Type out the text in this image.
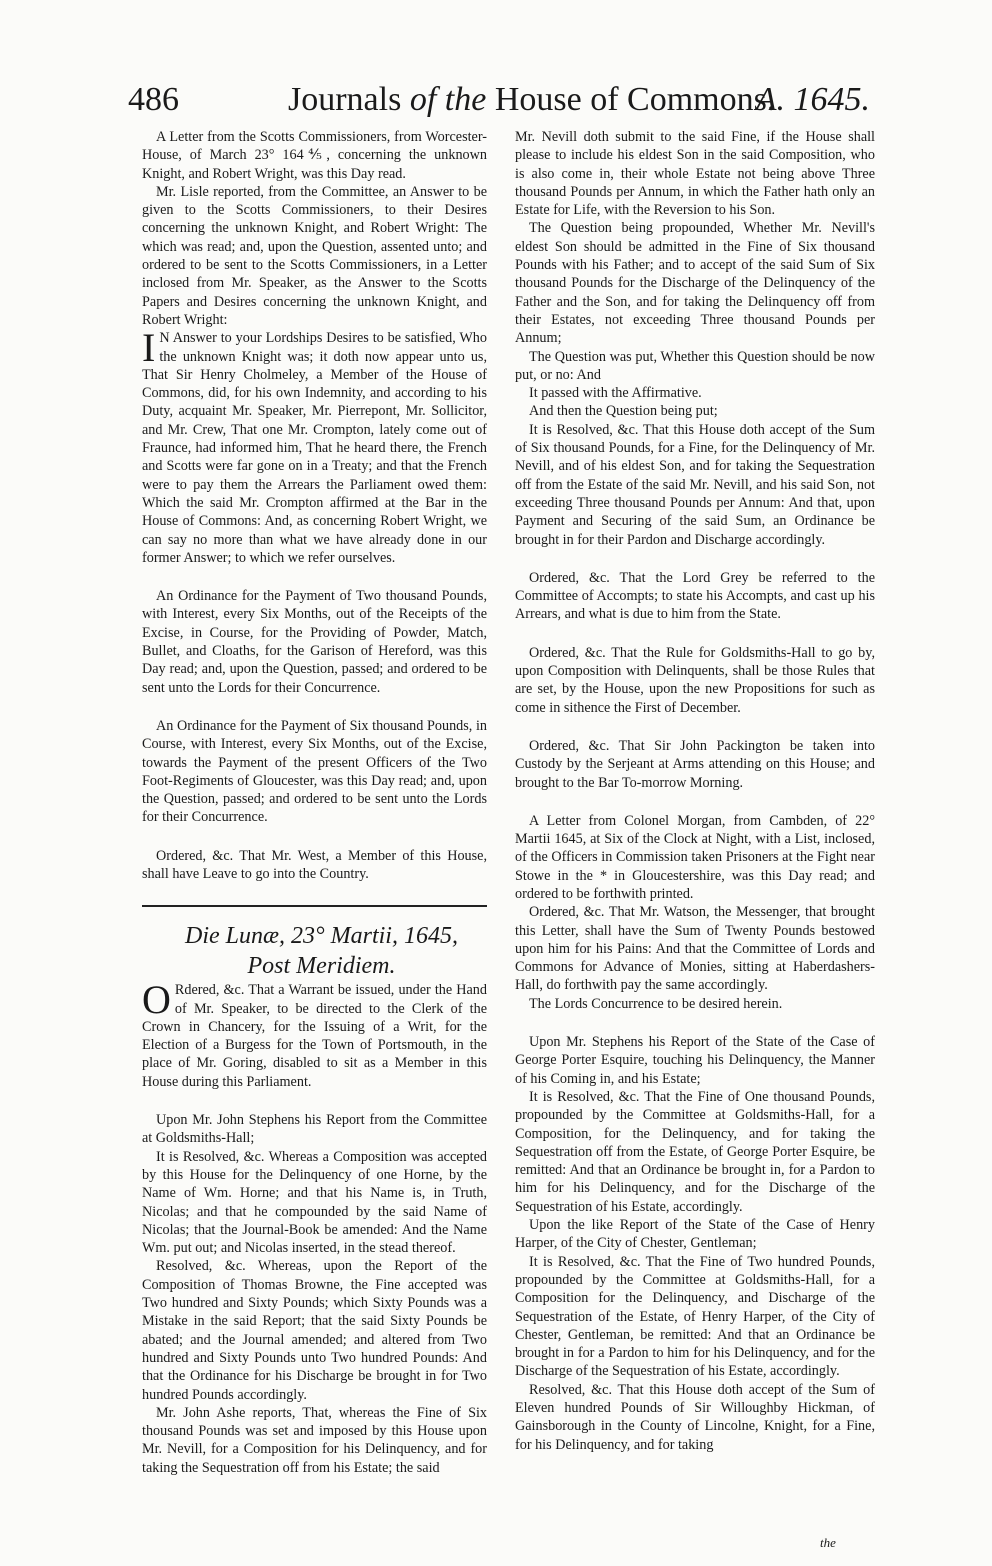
486	Journals of the House of Commons.
A. 1645.

A Letter from the Scotts Commissioners, from Worcester-House, of March 23° 164⅘, concerning the unknown Knight, and Robert Wright, was this Day read.

Mr. Lisle reported, from the Committee, an Answer to be given to the Scotts Commissioners, to their Desires concerning the unknown Knight, and Robert Wright: The which was read; and, upon the Question, assented unto; and ordered to be sent to the Scotts Commissioners, in a Letter inclosed from Mr. Speaker, as the Answer to the Scotts Papers and Desires concerning the unknown Knight, and Robert Wright:

I N Answer to your Lordships Desires to be satisfied, Who the unknown Knight was; it doth now appear unto us, That Sir Henry Cholmeley, a Member of the House of Commons, did, for his own Indemnity, and according to his Duty, acquaint Mr. Speaker, Mr. Pierrepont, Mr. Sollicitor, and Mr. Crew, That one Mr. Crompton, lately come out of Fraunce, had informed him, That he heard there, the French and Scotts were far gone on in a Treaty; and that the French were to pay them the Arrears the Parliament owed them: Which the said Mr. Crompton affirmed at the Bar in the House of Commons: And, as concerning Robert Wright, we can say no more than what we have already done in our former Answer; to which we refer ourselves.

An Ordinance for the Payment of Two thousand Pounds, with Interest, every Six Months, out of the Receipts of the Excise, in Course, for the Providing of Powder, Match, Bullet, and Cloaths, for the Garison of Hereford, was this Day read; and, upon the Question, passed; and ordered to be sent unto the Lords for their Concurrence.

An Ordinance for the Payment of Six thousand Pounds, in Course, with Interest, every Six Months, out of the Excise, towards the Payment of the present Officers of the Two Foot-Regiments of Gloucester, was this Day read; and, upon the Question, passed; and ordered to be sent unto the Lords for their Concurrence.

Ordered, &c. That Mr. West, a Member of this House, shall have Leave to go into the Country.

Die Lunæ, 23° Martii, 1645,

Post Meridiem.

O Rdered, &c. That a Warrant be issued, under the Hand of Mr. Speaker, to be directed to the Clerk of the Crown in Chancery, for the Issuing of a Writ, for the Election of a Burgess for the Town of Portsmouth, in the place of Mr. Goring, disabled to sit as a Member in this House during this Parliament.

Upon Mr. John Stephens his Report from the Committee at Goldsmiths-Hall;

It is Resolved, &c. Whereas a Composition was accepted by this House for the Delinquency of one Horne, by the Name of Wm. Horne; and that his Name is, in Truth, Nicolas; and that he compounded by the said Name of Nicolas; that the Journal-Book be amended: And the Name Wm. put out; and Nicolas inserted, in the stead thereof.

Resolved, &c. Whereas, upon the Report of the Composition of Thomas Browne, the Fine accepted was Two hundred and Sixty Pounds; which Sixty Pounds was a Mistake in the said Report; that the said Sixty Pounds be abated; and the Journal amended; and altered from Two hundred and Sixty Pounds unto Two hundred Pounds: And that the Ordinance for his Discharge be brought in for Two hundred Pounds accordingly.

Mr. John Ashe reports, That, whereas the Fine of Six thousand Pounds was set and imposed by this House upon Mr. Nevill, for a Composition for his Delinquency, and for taking the Sequestration off from his Estate; the said

Mr. Nevill doth submit to the said Fine, if the House shall please to include his eldest Son in the said Composition, who is also come in, their whole Estate not being above Three thousand Pounds per Annum, in which the Father hath only an Estate for Life, with the Reversion to his Son.

The Question being propounded, Whether Mr. Nevill's eldest Son should be admitted in the Fine of Six thousand Pounds with his Father; and to accept of the said Sum of Six thousand Pounds for the Discharge of the Delinquency of the Father and the Son, and for taking the Delinquency off from their Estates, not exceeding Three thousand Pounds per Annum;

The Question was put, Whether this Question should be now put, or no: And

It passed with the Affirmative.

And then the Question being put;

It is Resolved, &c. That this House doth accept of the Sum of Six thousand Pounds, for a Fine, for the Delinquency of Mr. Nevill, and of his eldest Son, and for taking the Sequestration off from the Estate of the said Mr. Nevill, and his said Son, not exceeding Three thousand Pounds per Annum: And that, upon Payment and Securing of the said Sum, an Ordinance be brought in for their Pardon and Discharge accordingly.

Ordered, &c. That the Lord Grey be referred to the Committee of Accompts; to state his Accompts, and cast up his Arrears, and what is due to him from the State.

Ordered, &c. That the Rule for Goldsmiths-Hall to go by, upon Composition with Delinquents, shall be those Rules that are set, by the House, upon the new Propositions for such as come in sithence the First of December.

Ordered, &c. That Sir John Packington be taken into Custody by the Serjeant at Arms attending on this House; and brought to the Bar To-morrow Morning.

A Letter from Colonel Morgan, from Cambden, of 22° Martii 1645, at Six of the Clock at Night, with a List, inclosed, of the Officers in Commission taken Prisoners at the Fight near Stowe in the * in Gloucestershire, was this Day read; and ordered to be forthwith printed.

Ordered, &c. That Mr. Watson, the Messenger, that brought this Letter, shall have the Sum of Twenty Pounds bestowed upon him for his Pains: And that the Committee of Lords and Commons for Advance of Monies, sitting at Haberdashers-Hall, do forthwith pay the same accordingly.

The Lords Concurrence to be desired herein.

Upon Mr. Stephens his Report of the State of the Case of George Porter Esquire, touching his Delinquency, the Manner of his Coming in, and his Estate;

It is Resolved, &c. That the Fine of One thousand Pounds, propounded by the Committee at Goldsmiths-Hall, for a Composition, for the Delinquency, and for taking the Sequestration off from the Estate, of George Porter Esquire, be remitted: And that an Ordinance be brought in, for a Pardon to him for his Delinquency, and for the Discharge of the Sequestration of his Estate, accordingly.

Upon the like Report of the State of the Case of Henry Harper, of the City of Chester, Gentleman;

It is Resolved, &c. That the Fine of Two hundred Pounds, propounded by the Committee at Goldsmiths-Hall, for a Composition for the Delinquency, and Discharge of the Sequestration of the Estate, of Henry Harper, of the City of Chester, Gentleman, be remitted: And that an Ordinance be brought in for a Pardon to him for his Delinquency, and for the Discharge of the Sequestration of his Estate, accordingly.

Resolved, &c. That this House doth accept of the Sum of Eleven hundred Pounds of Sir Willoughby Hickman, of Gainsborough in the County of Lincolne, Knight, for a Fine, for his Delinquency, and for taking

the
